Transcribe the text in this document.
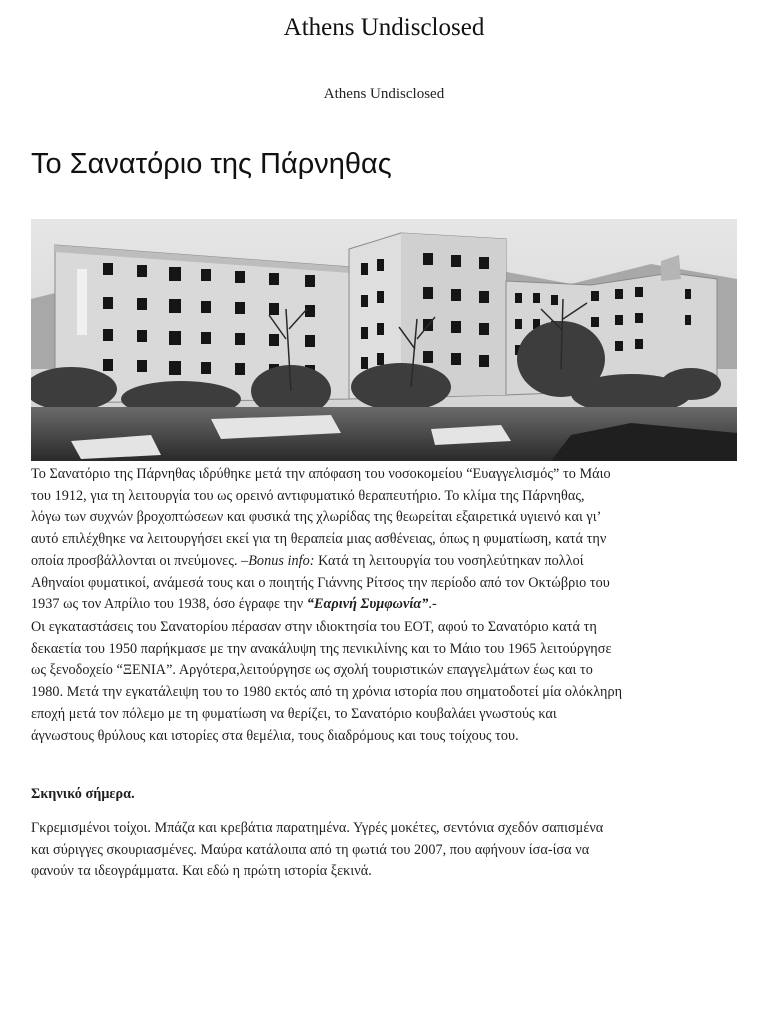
Athens Undisclosed
Athens Undisclosed
Το Σανατόριο της Πάρνηθας
Το Σανατόριο της Πάρνηθας ιδρύθηκε μετά την απόφαση του νοσοκομείου “Ευαγγελισμός” το Μάιο
του 1912, για τη λειτουργία του ως ορεινό αντιφυματικό θεραπευτήριο. Το κλίμα της Πάρνηθας,
λόγω των συχνών βροχοπτώσεων και φυσικά της χλωρίδας της θεωρείται εξαιρετικά υγιεινό και γι’
αυτό επιλέχθηκε να λειτουργήσει εκεί για τη θεραπεία μιας ασθένειας, όπως η φυματίωση, κατά την
οποία προσβάλλονται οι πνεύμονες. –Bonus info: Κατά τη λειτουργία του νοσηλεύτηκαν πολλοί
Αθηναίοι φυματικοί, ανάμεσά τους και ο ποιητής Γιάννης Ρίτσος την περίοδο από τον Οκτώβριο του
1937 ως τον Απρίλιο του 1938, όσο έγραφε την “Εαρινή Συμφωνία”.-
Οι εγκαταστάσεις του Σανατορίου πέρασαν στην ιδιοκτησία του ΕΟΤ, αφού το Σανατόριο κατά τη
δεκαετία του 1950 παρήκμασε με την ανακάλυψη της πενικιλίνης και το Μάιο του 1965 λειτούργησε
ως ξενοδοχείο “ΞΕΝΙΑ”. Αργότερα,λειτούργησε ως σχολή τουριστικών επαγγελμάτων έως και το
1980. Μετά την εγκατάλειψη του το 1980 εκτός από τη χρόνια ιστορία που σηματοδοτεί μία ολόκληρη
εποχή μετά τον πόλεμο με τη φυματίωση να θερίζει, το Σανατόριο κουβαλάει γνωστούς και
άγνωστους θρύλους και ιστορίες στα θεμέλια, τους διαδρόμους και τους τοίχους του.
Σκηνικό σήμερα.
Γκρεμισμένοι τοίχοι. Μπάζα και κρεβάτια παρατημένα. Υγρές μοκέτες, σεντόνια σχεδόν σαπισμένα
και σύριγγες σκουριασμένες. Μαύρα κατάλοιπα από τη φωτιά του 2007, που αφήνουν ίσα-ίσα να
φανούν τα ιδεογράμματα. Και εδώ η πρώτη ιστορία ξεκινά.
